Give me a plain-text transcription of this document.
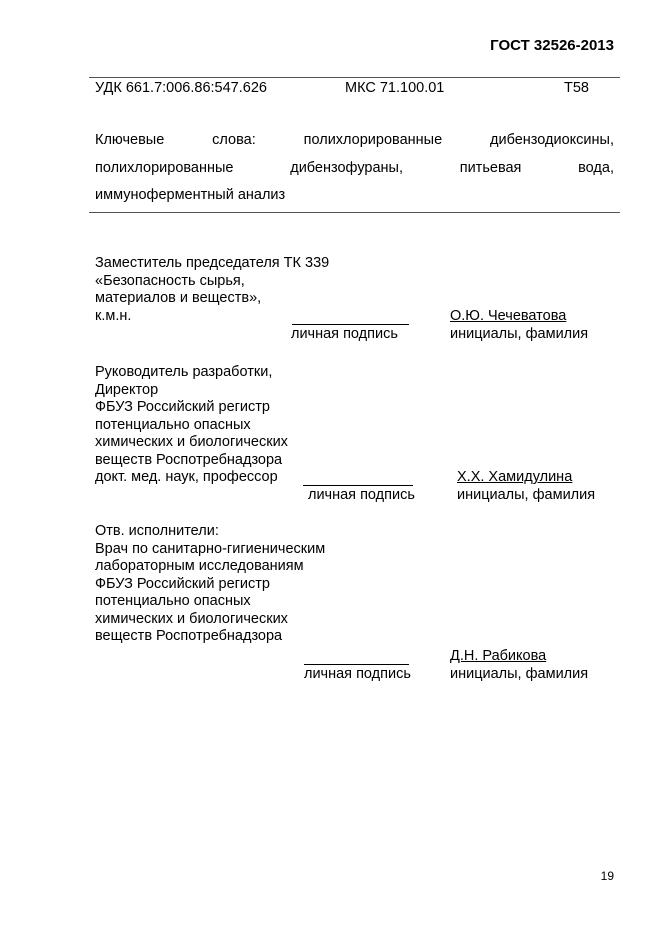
ГОСТ 32526-2013
УДК 661.7:006.86:547.626	МКС 71.100.01	Т58
Ключевые	слова:	полихлорированные	дибензодиоксины,
полихлорированные	дибензофураны,	питьевая	вода,
иммуноферментный анализ
Заместитель председателя ТК 339
«Безопасность сырья,
материалов и веществ»,
к.м.н.
личная подпись
О.Ю. Чечеватова
инициалы, фамилия
Руководитель разработки,
Директор
ФБУЗ Российский регистр
потенциально опасных
химических и биологических
веществ Роспотребнадзора
докт. мед. наук, профессор
личная подпись
Х.Х. Хамидулина
инициалы, фамилия
Отв. исполнители:
Врач по санитарно-гигиеническим
лабораторным исследованиям
ФБУЗ Российский регистр
потенциально опасных
химических и биологических
веществ Роспотребнадзора
личная подпись
Д.Н. Рабикова
инициалы, фамилия
19
